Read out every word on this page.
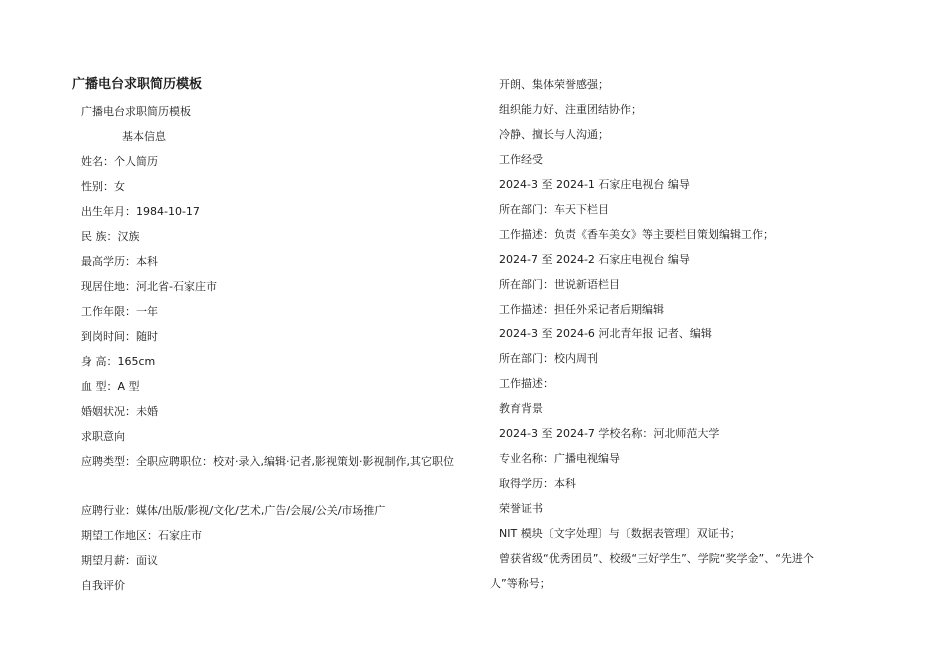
广播电台求职简历模板
广播电台求职简历模板
基本信息
姓名：个人简历
性别：女
出生年月：1984-10-17
民 族：汉族
最高学历：本科
现居住地：河北省-石家庄市
工作年限：一年
到岗时间：随时
身 高：165cm
血 型：A 型
婚姻状况：未婚
求职意向
应聘类型：全职应聘职位：校对·录入,编辑·记者,影视策划·影视制作,其它职位
应聘行业：媒体/出版/影视/文化/艺术,广告/会展/公关/市场推广
期望工作地区：石家庄市
期望月薪：面议
自我评价
开朗、集体荣誉感强；
组织能力好、注重团结协作；
冷静、擅长与人沟通；
工作经受
2024-3 至 2024-1 石家庄电视台 编导
所在部门：车天下栏目
工作描述：负责《香车美女》等主要栏目策划编辑工作；
2024-7 至 2024-2 石家庄电视台 编导
所在部门：世说新语栏目
工作描述：担任外采记者后期编辑
2024-3 至 2024-6 河北青年报 记者、编辑
所在部门：校内周刊
工作描述：
教育背景
2024-3 至 2024-7 学校名称：河北师范大学
专业名称：广播电视编导
取得学历：本科
荣誉证书
NIT 模块〔文字处理〕与〔数据表管理〕双证书；
曾获省级“优秀团员”、校级“三好学生”、学院“奖学金”、“先进个
人”等称号；
